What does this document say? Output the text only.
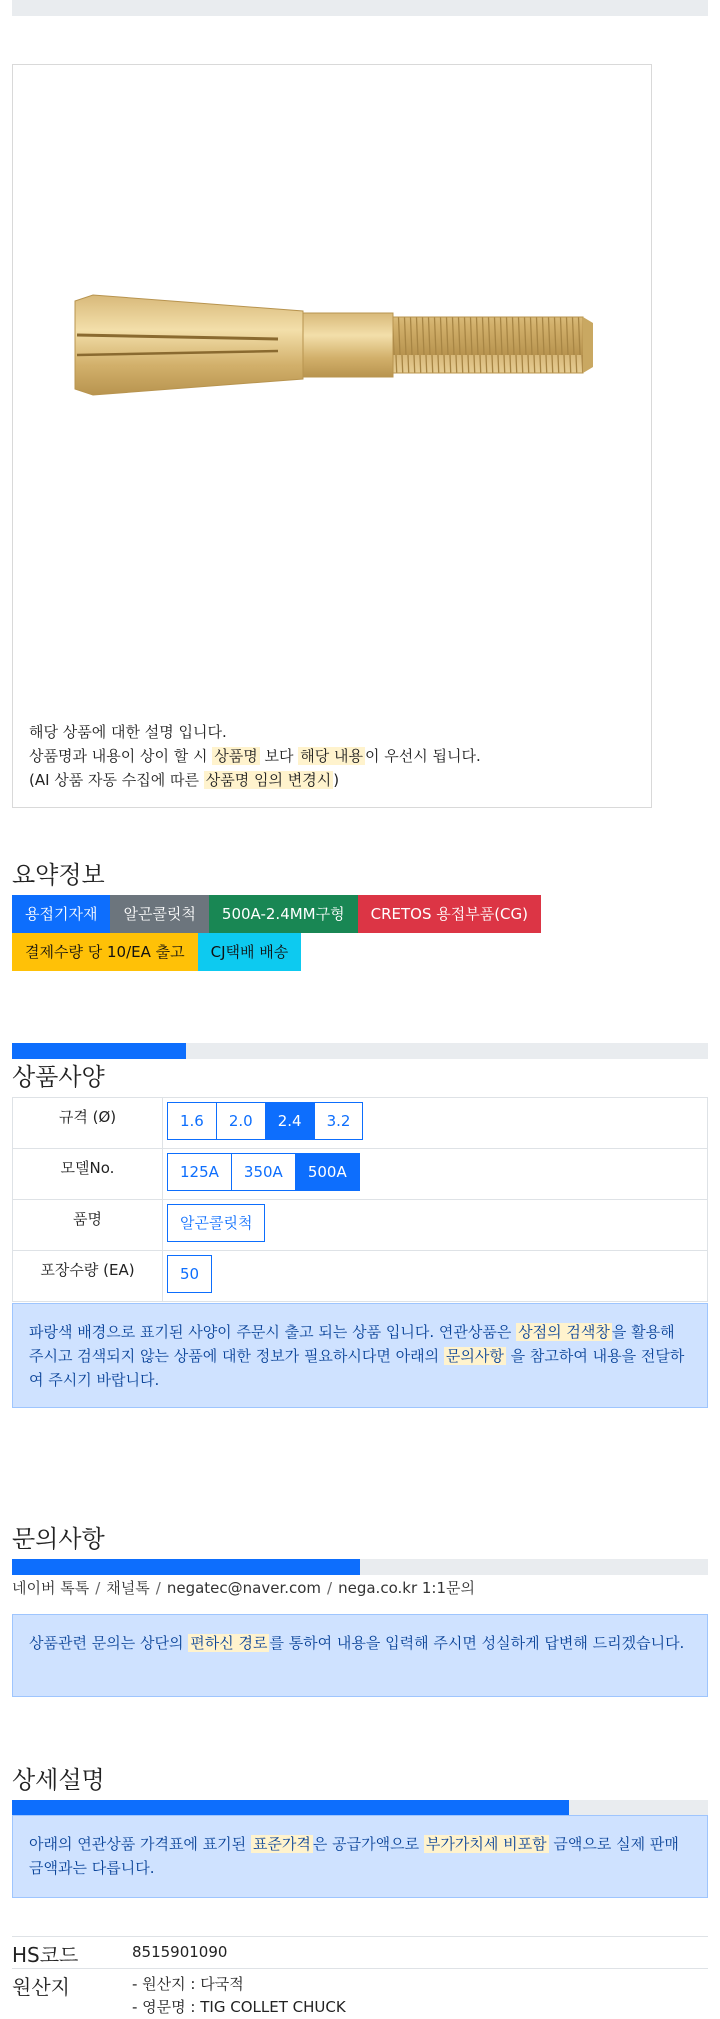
해당 상품에 대한 설명 입니다.
상품명과 내용이 상이 할 시 상품명 보다 해당 내용 이 우선시 됩니다.
(AI 상품 자동 수집에 따른 상품명 임의 변경시 )
요약정보
용접기자재	알곤콜릿척	500A-2.4MM구형	CRETOS 용접부품(CG)
결제수량 당 10/EA 출고	CJ택배 배송
상품사양
규격 (Ø)	1.6 2.0 2.4 3.2

모델No.	125A 350A 500A

품명	알곤콜릿척

포장수량 (EA)	50
파랑색 배경으로 표기된 사양이 주문시 출고 되는 상품 입니다. 연관상품은 상점의 검색창 을 활용해 주시고 검색되지 않는 상품에 대한 정보가 필요하시다면 아래의 문의사항 을 참고하여 내용을 전달하여 주시기 바랍니다.
문의사항
네이버 톡톡 / 채널톡 / negatec@naver.com / nega.co.kr 1:1문의
상품관련 문의는 상단의 편하신 경로 를 통하여 내용을 입력해 주시면 성실하게 답변해 드리겠습니다.
상세설명
아래의 연관상품 가격표에 표기된 표준가격 은 공급가액으로 부가가치세 비포함 금액으로 실제 판매금액과는 다릅니다.
HS코드	8515901090
원산지	- 원산지 : 다국적
- 영문명 : TIG COLLET CHUCK
